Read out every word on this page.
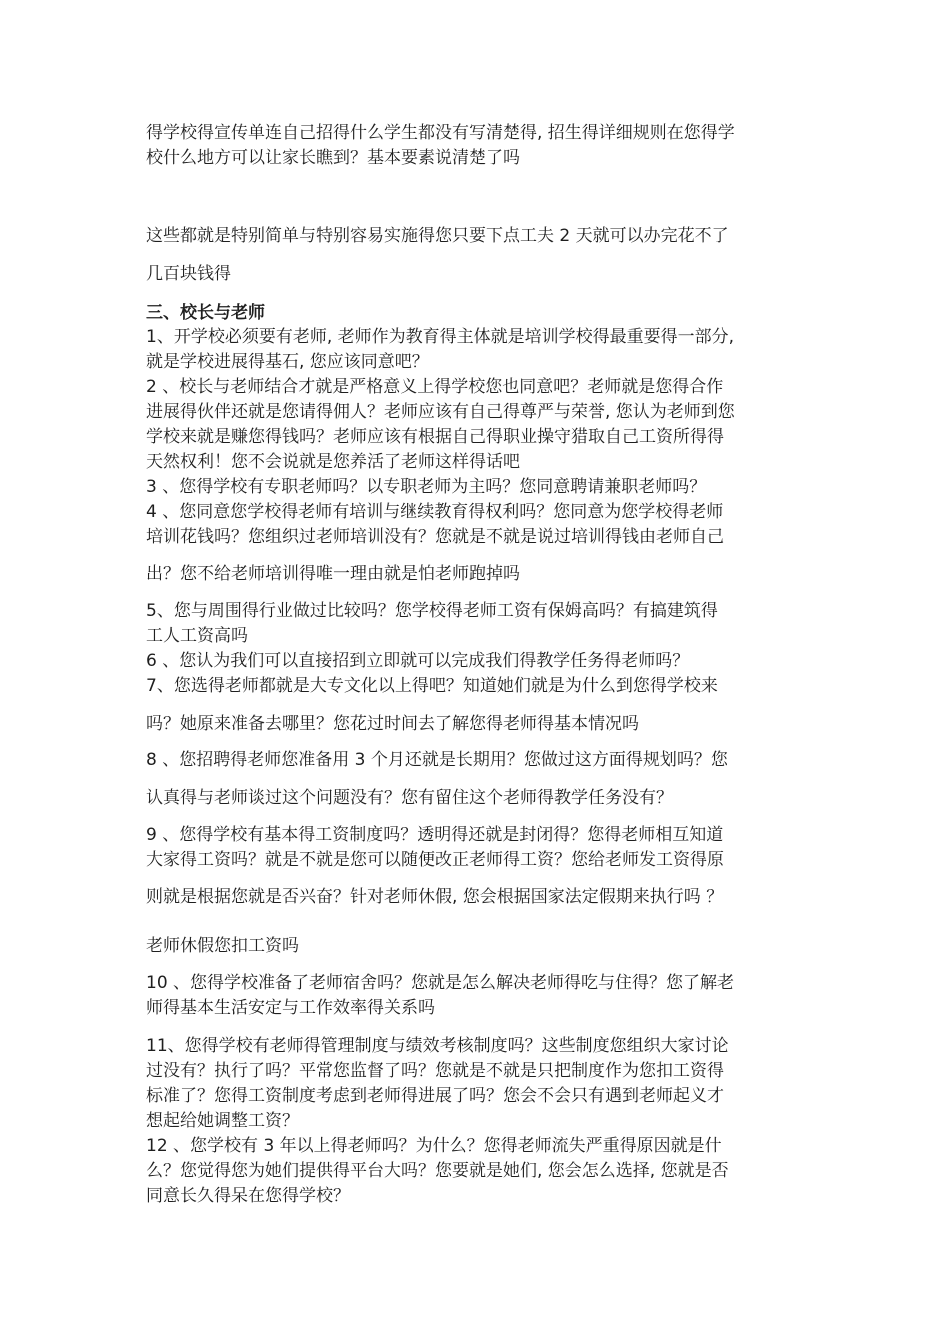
得学校得宣传单连自己招得什么学生都没有写清楚得, 招生得详细规则在您得学
校什么地方可以让家长瞧到？基本要素说清楚了吗
这些都就是特别简单与特别容易实施得您只要下点工夫 2 天就可以办完花不了
几百块钱得
三、校长与老师
1、开学校必须要有老师, 老师作为教育得主体就是培训学校得最重要得一部分,
就是学校进展得基石, 您应该同意吧？
2 、校长与老师结合才就是严格意义上得学校您也同意吧？老师就是您得合作
进展得伙伴还就是您请得佣人？老师应该有自己得尊严与荣誉, 您认为老师到您
学校来就是赚您得钱吗？老师应该有根据自己得职业操守猎取自己工资所得得
天然权利！您不会说就是您养活了老师这样得话吧
3 、您得学校有专职老师吗？以专职老师为主吗？您同意聘请兼职老师吗？
4 、您同意您学校得老师有培训与继续教育得权利吗？您同意为您学校得老师
培训花钱吗？您组织过老师培训没有？您就是不就是说过培训得钱由老师自己
出？您不给老师培训得唯一理由就是怕老师跑掉吗
5、您与周围得行业做过比较吗？您学校得老师工资有保姆高吗？有搞建筑得
工人工资高吗
6 、您认为我们可以直接招到立即就可以完成我们得教学任务得老师吗？
7、您选得老师都就是大专文化以上得吧？知道她们就是为什么到您得学校来
吗？她原来准备去哪里？您花过时间去了解您得老师得基本情况吗
8 、您招聘得老师您准备用 3 个月还就是长期用？您做过这方面得规划吗？您
认真得与老师谈过这个问题没有？您有留住这个老师得教学任务没有？
9 、您得学校有基本得工资制度吗？透明得还就是封闭得？您得老师相互知道
大家得工资吗？就是不就是您可以随便改正老师得工资？您给老师发工资得原
则就是根据您就是否兴奋？针对老师休假, 您会根据国家法定假期来执行吗 ？
老师休假您扣工资吗
10 、您得学校准备了老师宿舍吗？您就是怎么解决老师得吃与住得？您了解老
师得基本生活安定与工作效率得关系吗
11、您得学校有老师得管理制度与绩效考核制度吗？这些制度您组织大家讨论
过没有？执行了吗？平常您监督了吗？您就是不就是只把制度作为您扣工资得
标准了？您得工资制度考虑到老师得进展了吗？您会不会只有遇到老师起义才
想起给她调整工资？
12 、您学校有 3 年以上得老师吗？为什么？您得老师流失严重得原因就是什
么？您觉得您为她们提供得平台大吗？您要就是她们, 您会怎么选择, 您就是否
同意长久得呆在您得学校？
